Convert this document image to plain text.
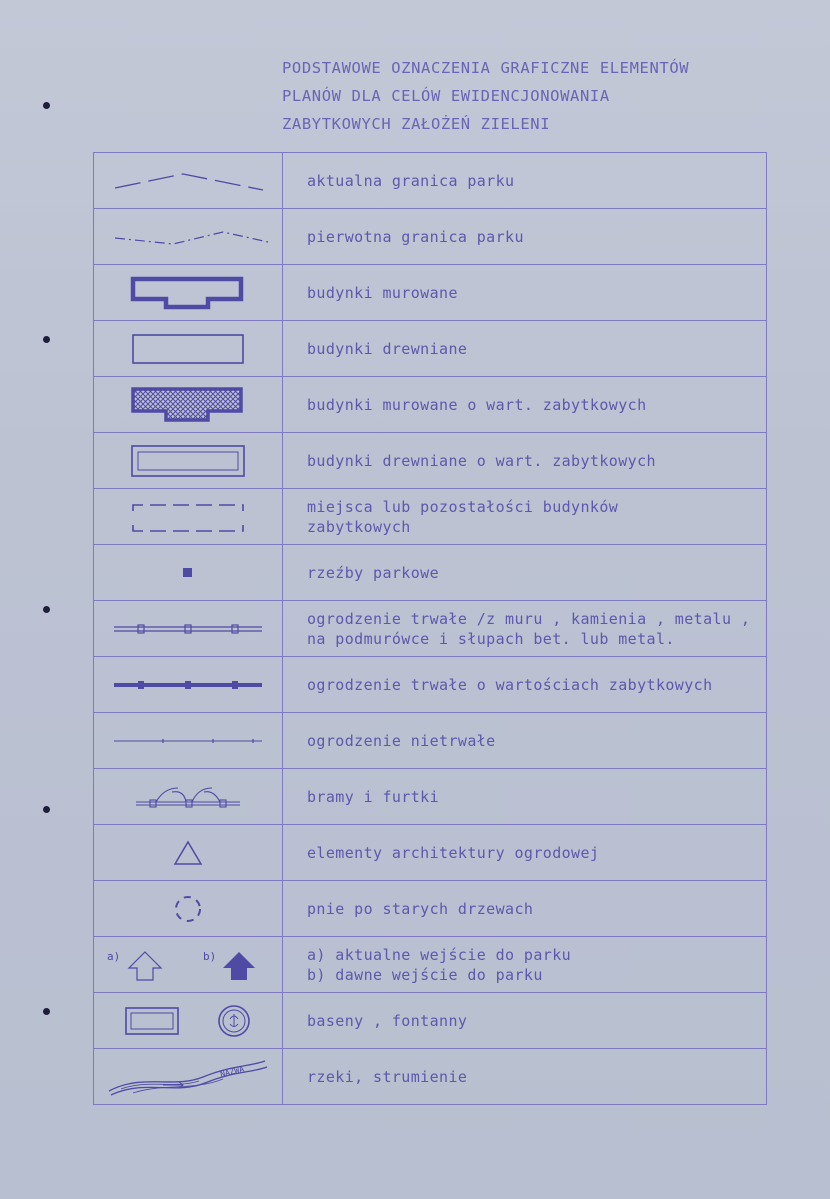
PODSTAWOWE OZNACZENIA GRAFICZNE ELEMENTÓW
PLANÓW DLA CELÓW EWIDENCJONOWANIA
ZABYTKOWYCH ZAŁOŻEŃ ZIELENI

aktualna granica parku

pierwotna granica parku

budynki murowane

budynki drewniane

budynki murowane o wart. zabytkowych

budynki drewniane o wart. zabytkowych

miejsca lub pozostałości budynków
zabytkowych

rzeźby parkowe

ogrodzenie trwałe /z muru , kamienia , metalu ,
na podmurówce i słupach bet. lub metal.

ogrodzenie trwałe o wartościach zabytkowych

ogrodzenie nietrwałe

bramy i furtki

elementy architektury ogrodowej

pnie po starych drzewach

a) b)	a) aktualne wejście do parku
b) dawne wejście do parku

baseny , fontanny

NAZWA	rzeki, strumienie
